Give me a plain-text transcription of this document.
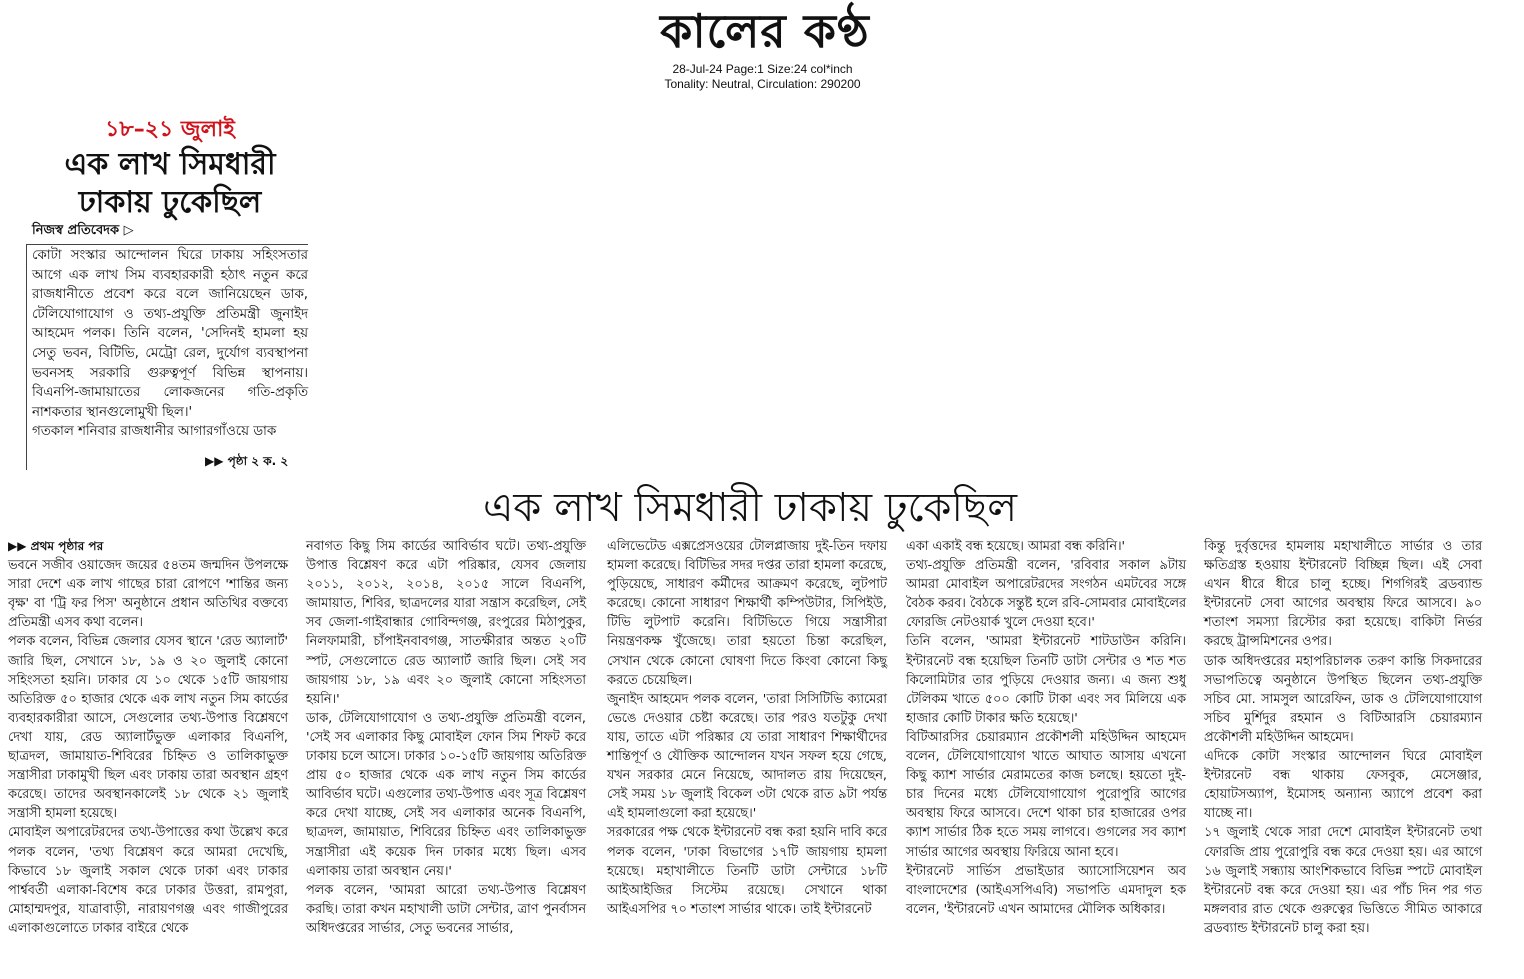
কালের কণ্ঠ
28-Jul-24 Page:1 Size:24 col*inch
Tonality: Neutral, Circulation: 290200
১৮–২১ জুলাই
এক লাখ সিমধারী
ঢাকায় ঢুকেছিল
নিজস্ব প্রতিবেদক ▷

কোটা সংস্কার আন্দোলন ঘিরে ঢাকায় সহিংসতার আগে এক লাখ সিম ব্যবহারকারী হঠাৎ নতুন করে রাজধানীতে প্রবেশ করে বলে জানিয়েছেন ডাক, টেলিযোগাযোগ ও তথ্য-প্রযুক্তি প্রতিমন্ত্রী জুনাইদ আহমেদ পলক। তিনি বলেন, 'সেদিনই হামলা হয় সেতু ভবন, বিটিভি, মেট্রো রেল, দুর্যোগ ব্যবস্থাপনা ভবনসহ সরকারি গুরুত্বপূর্ণ বিভিন্ন স্থাপনায়। বিএনপি-জামায়াতের লোকজনের গতি-প্রকৃতি নাশকতার স্থানগুলোমুখী ছিল।'

গতকাল শনিবার রাজধানীর আগারগাঁওয়ে ডাক

▶▶ পৃষ্ঠা ২ ক. ২
এক লাখ সিমধারী ঢাকায় ঢুকেছিল

▶▶ প্রথম পৃষ্ঠার পর

ভবনে সজীব ওয়াজেদ জয়ের ৫৪তম জন্মদিন উপলক্ষে সারা দেশে এক লাখ গাছের চারা রোপণে 'শান্তির জন্য বৃক্ষ' বা 'ট্রি ফর পিস' অনুষ্ঠানে প্রধান অতিথির বক্তব্যে প্রতিমন্ত্রী এসব কথা বলেন।

পলক বলেন, বিভিন্ন জেলার যেসব স্থানে 'রেড অ্যালার্ট' জারি ছিল, সেখানে ১৮, ১৯ ও ২০ জুলাই কোনো সহিংসতা হয়নি। ঢাকার যে ১০ থেকে ১৫টি জায়গায় অতিরিক্ত ৫০ হাজার থেকে এক লাখ নতুন সিম কার্ডের ব্যবহারকারীরা আসে, সেগুলোর তথ্য-উপাত্ত বিশ্লেষণে দেখা যায়, রেড অ্যালার্টভুক্ত এলাকার বিএনপি, ছাত্রদল, জামায়াত-শিবিরের চিহ্নিত ও তালিকাভুক্ত সন্ত্রাসীরা ঢাকামুখী ছিল এবং ঢাকায় তারা অবস্থান গ্রহণ করেছে। তাদের অবস্থানকালেই ১৮ থেকে ২১ জুলাই সন্ত্রাসী হামলা হয়েছে।

মোবাইল অপারেটরদের তথ্য-উপাত্তের কথা উল্লেখ করে পলক বলেন, 'তথ্য বিশ্লেষণ করে আমরা দেখেছি, কিভাবে ১৮ জুলাই সকাল থেকে ঢাকা এবং ঢাকার পার্শ্ববর্তী এলাকা-বিশেষ করে ঢাকার উত্তরা, রামপুরা, মোহাম্মদপুর, যাত্রাবাড়ী, নারায়ণগঞ্জ এবং গাজীপুরের এলাকাগুলোতে ঢাকার বাইরে থেকে

নবাগত কিছু সিম কার্ডের আবির্ভাব ঘটে। তথ্য-প্রযুক্তি উপাত্ত বিশ্লেষণ করে এটা পরিষ্কার, যেসব জেলায় ২০১১, ২০১২, ২০১৪, ২০১৫ সালে বিএনপি, জামায়াত, শিবির, ছাত্রদলের যারা সন্ত্রাস করেছিল, সেই সব জেলা-গাইবান্ধার গোবিন্দগঞ্জ, রংপুরের মিঠাপুকুর, নিলফামারী, চাঁপাইনবাবগঞ্জ, সাতক্ষীরার অন্তত ২০টি স্পট, সেগুলোতে রেড অ্যালার্ট জারি ছিল। সেই সব জায়গায় ১৮, ১৯ এবং ২০ জুলাই কোনো সহিংসতা হয়নি।'

ডাক, টেলিযোগাযোগ ও তথ্য-প্রযুক্তি প্রতিমন্ত্রী বলেন, 'সেই সব এলাকার কিছু মোবাইল ফোন সিম শিফট করে ঢাকায় চলে আসে। ঢাকার ১০-১৫টি জায়গায় অতিরিক্ত প্রায় ৫০ হাজার থেকে এক লাখ নতুন সিম কার্ডের আবির্ভাব ঘটে। এগুলোর তথ্য-উপাত্ত এবং সূত্র বিশ্লেষণ করে দেখা যাচ্ছে, সেই সব এলাকার অনেক বিএনপি, ছাত্রদল, জামায়াত, শিবিরের চিহ্নিত এবং তালিকাভুক্ত সন্ত্রাসীরা এই কয়েক দিন ঢাকার মধ্যে ছিল। এসব এলাকায় তারা অবস্থান নেয়।'

পলক বলেন, 'আমরা আরো তথ্য-উপাত্ত বিশ্লেষণ করছি। তারা কখন মহাখালী ডাটা সেন্টার, ত্রাণ পুনর্বাসন অধিদপ্তরের সার্ভার, সেতু ভবনের সার্ভার,

এলিভেটেড এক্সপ্রেসওয়ের টোলপ্লাজায় দুই-তিন দফায় হামলা করেছে। বিটিভির সদর দপ্তর তারা হামলা করেছে, পুড়িয়েছে, সাধারণ কর্মীদের আক্রমণ করেছে, লুটপাট করেছে। কোনো সাধারণ শিক্ষার্থী কম্পিউটার, সিপিইউ, টিভি লুটপাট করেনি। বিটিভিতে গিয়ে সন্ত্রাসীরা নিয়ন্ত্রণকক্ষ খুঁজেছে। তারা হয়তো চিন্তা করেছিল, সেখান থেকে কোনো ঘোষণা দিতে কিংবা কোনো কিছু করতে চেয়েছিল।

জুনাইদ আহমেদ পলক বলেন, 'তারা সিসিটিভি ক্যামেরা ভেঙে দেওয়ার চেষ্টা করেছে। তার পরও যতটুকু দেখা যায়, তাতে এটা পরিষ্কার যে তারা সাধারণ শিক্ষার্থীদের শান্তিপূর্ণ ও যৌক্তিক আন্দোলন যখন সফল হয়ে গেছে, যখন সরকার মেনে নিয়েছে, আদালত রায় দিয়েছেন, সেই সময় ১৮ জুলাই বিকেল ৩টা থেকে রাত ৯টা পর্যন্ত এই হামলাগুলো করা হয়েছে।'

সরকারের পক্ষ থেকে ইন্টারনেট বন্ধ করা হয়নি দাবি করে পলক বলেন, 'ঢাকা বিভাগের ১৭টি জায়গায় হামলা হয়েছে। মহাখালীতে তিনটি ডাটা সেন্টারে ১৮টি আইআইজির সিস্টেম রয়েছে। সেখানে থাকা আইএসপির ৭০ শতাংশ সার্ভার থাকে। তাই ইন্টারনেট

একা একাই বন্ধ হয়েছে। আমরা বন্ধ করিনি।'

তথ্য-প্রযুক্তি প্রতিমন্ত্রী বলেন, 'রবিবার সকাল ৯টায় আমরা মোবাইল অপারেটরদের সংগঠন এমটবের সঙ্গে বৈঠক করব। বৈঠকে সন্তুষ্ট হলে রবি-সোমবার মোবাইলের ফোরজি নেটওয়ার্ক খুলে দেওয়া হবে।'

তিনি বলেন, 'আমরা ইন্টারনেট শাটডাউন করিনি। ইন্টারনেট বন্ধ হয়েছিল তিনটি ডাটা সেন্টার ও শত শত কিলোমিটার তার পুড়িয়ে দেওয়ার জন্য। এ জন্য শুধু টেলিকম খাতে ৫০০ কোটি টাকা এবং সব মিলিয়ে এক হাজার কোটি টাকার ক্ষতি হয়েছে।'

বিটিআরসির চেয়ারম্যান প্রকৌশলী মহিউদ্দিন আহমেদ বলেন, টেলিযোগাযোগ খাতে আঘাত আসায় এখনো কিছু ক্যাশ সার্ভার মেরামতের কাজ চলছে। হয়তো দুই-চার দিনের মধ্যে টেলিযোগাযোগ পুরোপুরি আগের অবস্থায় ফিরে আসবে। দেশে থাকা চার হাজারের ওপর ক্যাশ সার্ভার ঠিক হতে সময় লাগবে। গুগলের সব ক্যাশ সার্ভার আগের অবস্থায় ফিরিয়ে আনা হবে।

ইন্টারনেট সার্ভিস প্রভাইডার অ্যাসোসিয়েশন অব বাংলাদেশের (আইএসপিএবি) সভাপতি এমদাদুল হক বলেন, 'ইন্টারনেট এখন আমাদের মৌলিক অধিকার।

কিন্তু দুর্বৃত্তদের হামলায় মহাখালীতে সার্ভার ও তার ক্ষতিগ্রস্ত হওয়ায় ইন্টারনেট বিচ্ছিন্ন ছিল। এই সেবা এখন ধীরে ধীরে চালু হচ্ছে। শিগগিরই ব্রডব্যান্ড ইন্টারনেট সেবা আগের অবস্থায় ফিরে আসবে। ৯০ শতাংশ সমস্যা রিস্টোর করা হয়েছে। বাকিটা নির্ভর করছে ট্রান্সমিশনের ওপর।

ডাক অধিদপ্তরের মহাপরিচালক তরুণ কান্তি সিকদারের সভাপতিত্বে অনুষ্ঠানে উপস্থিত ছিলেন তথ্য-প্রযুক্তি সচিব মো. সামসুল আরেফিন, ডাক ও টেলিযোগাযোগ সচিব মুর্শিদুর রহমান ও বিটিআরসি চেয়ারম্যান প্রকৌশলী মহিউদ্দিন আহমেদ।

এদিকে কোটা সংস্কার আন্দোলন ঘিরে মোবাইল ইন্টারনেট বন্ধ থাকায় ফেসবুক, মেসেঞ্জার, হোয়াটসঅ্যাপ, ইমোসহ অন্যান্য অ্যাপে প্রবেশ করা যাচ্ছে না।

১৭ জুলাই থেকে সারা দেশে মোবাইল ইন্টারনেট তথা ফোরজি প্রায় পুরোপুরি বন্ধ করে দেওয়া হয়। এর আগে ১৬ জুলাই সন্ধ্যায় আংশিকভাবে বিভিন্ন স্পটে মোবাইল ইন্টারনেট বন্ধ করে দেওয়া হয়। এর পাঁচ দিন পর গত মঙ্গলবার রাত থেকে গুরুত্বের ভিত্তিতে সীমিত আকারে ব্রডব্যান্ড ইন্টারনেট চালু করা হয়।
